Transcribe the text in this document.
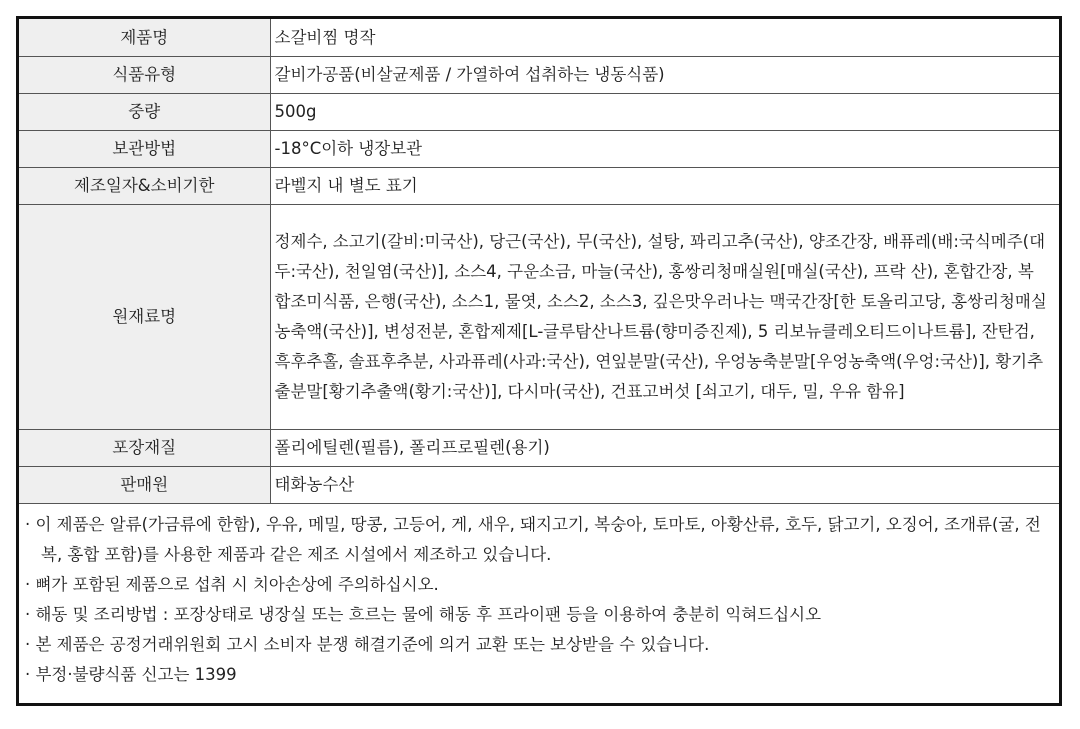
제품명	소갈비찜 명작
식품유형	갈비가공품(비살균제품 / 가열하여 섭취하는 냉동식품)
중량	500g
보관방법	-18°C이하 냉장보관
제조일자&소비기한	라벨지 내 별도 표기
원재료명	정제수, 소고기(갈비:미국산), 당근(국산), 무(국산), 설탕, 꽈리고추(국산), 양조간장, 배퓨레(배:국식메주(대두:국산), 천일염(국산)], 소스4, 구운소금, 마늘(국산), 홍쌍리청매실원[매실(국산), 프락 산), 혼합간장, 복합조미식품, 은행(국산), 소스1, 물엿, 소스2, 소스3, 깊은맛우러나는 맥국간장[한 토올리고당, 홍쌍리청매실농축액(국산)], 변성전분, 혼합제제[L-글루탐산나트륨(향미증진제), 5 리보뉴클레오티드이나트륨], 잔탄검, 흑후추홀, 솔표후추분, 사과퓨레(사과:국산), 연잎분말(국산), 우엉농축분말[우엉농축액(우엉:국산)], 황기추출분말[황기추출액(황기:국산)], 다시마(국산), 건표고버섯 [쇠고기, 대두, 밀, 우유 함유]
포장재질	폴리에틸렌(필름), 폴리프로필렌(용기)
판매원	태화농수산
· 이 제품은 알류(가금류에 한함), 우유, 메밀, 땅콩, 고등어, 게, 새우, 돼지고기, 복숭아, 토마토, 아황산류, 호두, 닭고기, 오징어, 조개류(굴, 전복, 홍합 포함)를 사용한 제품과 같은 제조 시설에서 제조하고 있습니다.
· 뼈가 포함된 제품으로 섭취 시 치아손상에 주의하십시오.
· 해동 및 조리방법 : 포장상태로 냉장실 또는 흐르는 물에 해동 후 프라이팬 등을 이용하여 충분히 익혀드십시오
· 본 제품은 공정거래위원회 고시 소비자 분쟁 해결기준에 의거 교환 또는 보상받을 수 있습니다.
· 부정·불량식품 신고는 1399
